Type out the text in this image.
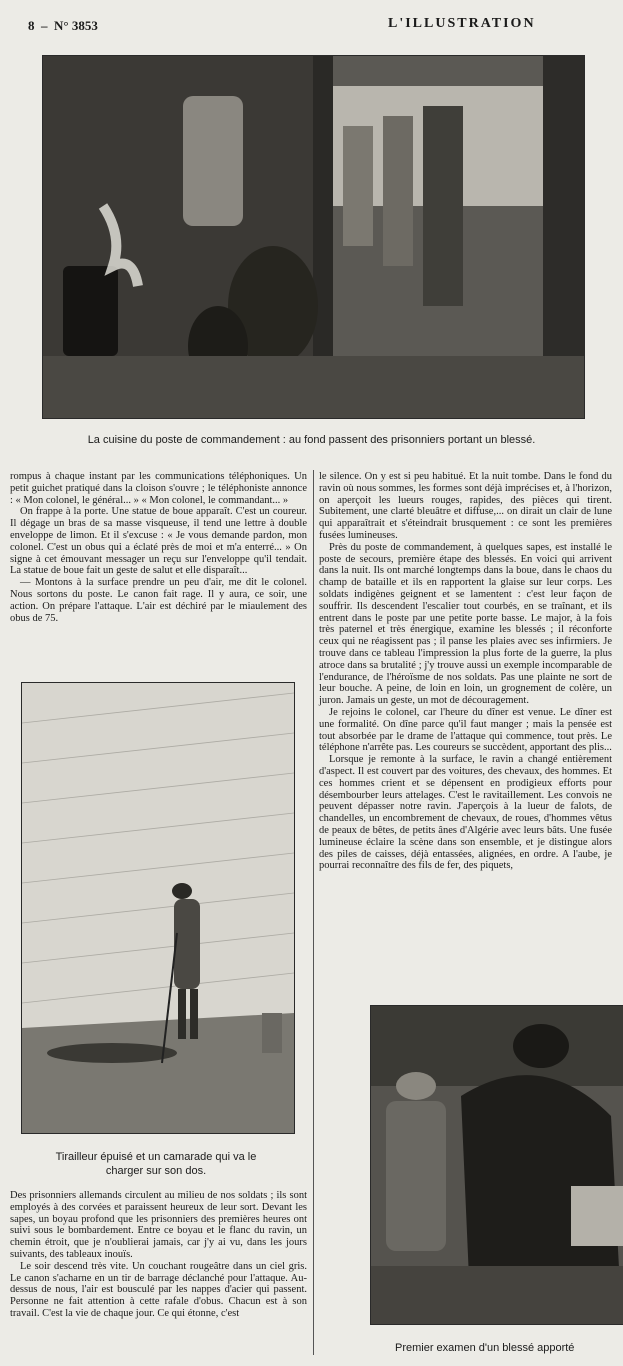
8  –  N° 3853	L'ILLUSTRATION
La cuisine du poste de commandement : au fond passent des prisonniers portant un blessé.

rompus à chaque instant par les communications téléphoniques. Un petit guichet pratiqué dans la cloison s'ouvre ; le téléphoniste annonce : « Mon colonel, le général... » « Mon colonel, le commandant... »

On frappe à la porte. Une statue de boue apparaît. C'est un coureur. Il dégage un bras de sa masse visqueuse, il tend une lettre à double enveloppe de limon. Et il s'excuse : « Je vous demande pardon, mon colonel. C'est un obus qui a éclaté près de moi et m'a enterré... » On signe à cet émouvant messager un reçu sur l'enveloppe qu'il tendait. La statue de boue fait un geste de salut et elle disparaît...

— Montons à la surface prendre un peu d'air, me dit le colonel. Nous sortons du poste. Le canon fait rage. Il y aura, ce soir, une action. On prépare l'attaque. L'air est déchiré par le miaulement des obus de 75.

Tirailleur épuisé et un camarade qui va le charger sur son dos.

Des prisonniers allemands circulent au milieu de nos soldats ; ils sont employés à des corvées et paraissent heureux de leur sort. Devant les sapes, un boyau profond que les prisonniers des premières heures ont suivi sous le bombardement. Entre ce boyau et le flanc du ravin, un chemin étroit, que je n'oublierai jamais, car j'y ai vu, dans les jours suivants, des tableaux inouïs.

Le soir descend très vite. Un couchant rougeâtre dans un ciel gris. Le canon s'acharne en un tir de barrage déclanché pour l'attaque. Au-dessus de nous, l'air est bousculé par les nappes d'acier qui passent. Personne ne fait attention à cette rafale d'obus. Chacun est à son travail. C'est la vie de chaque jour. Ce qui étonne, c'est

le silence. On y est si peu habitué. Et la nuit tombe. Dans le fond du ravin où nous sommes, les formes sont déjà imprécises et, à l'horizon, on aperçoit les lueurs rouges, rapides, des pièces qui tirent. Subitement, une clarté bleuâtre et diffuse,... on dirait un clair de lune qui apparaîtrait et s'éteindrait brusquement : ce sont les premières fusées lumineuses.

Près du poste de commandement, à quelques sapes, est installé le poste de secours, première étape des blessés. En voici qui arrivent dans la nuit. Ils ont marché longtemps dans la boue, dans le chaos du champ de bataille et ils en rapportent la glaise sur leur corps. Les soldats indigènes geignent et se lamentent : c'est leur façon de souffrir. Ils descendent l'escalier tout courbés, en se traînant, et ils entrent dans le poste par une petite porte basse. Le major, à la fois très paternel et très énergique, examine les blessés ; il réconforte ceux qui ne réagissent pas ; il panse les plaies avec ses infirmiers. Je trouve dans ce tableau l'impression la plus forte de la guerre, la plus atroce dans sa brutalité ; j'y trouve aussi un exemple incomparable de l'endurance, de l'héroïsme de nos soldats. Pas une plainte ne sort de leur bouche. A peine, de loin en loin, un grognement de colère, un juron. Jamais un geste, un mot de découragement.

Je rejoins le colonel, car l'heure du dîner est venue. Le dîner est une formalité. On dîne parce qu'il faut manger ; mais la pensée est tout absorbée par le drame de l'attaque qui commence, tout près. Le téléphone n'arrête pas. Les coureurs se succèdent, apportant des plis...

Lorsque je remonte à la surface, le ravin a changé entièrement d'aspect. Il est couvert par des voitures, des chevaux, des hommes. Et ces hommes crient et se dépensent en prodigieux efforts pour désembourber leurs attelages. C'est le ravitaillement. Les convois ne peuvent dépasser notre ravin. J'aperçois à la lueur de falots, de chandelles, un encombrement de chevaux, de roues, d'hommes vêtus de peaux de bêtes, de petits ânes d'Algérie avec leurs bâts. Une fusée lumineuse éclaire la scène dans son ensemble, et je distingue alors des piles de caisses, déjà entassées, alignées, en ordre. A l'aube, je pourrai reconnaître des fils de fer, des piquets,

Premier examen d'un blessé apporté
